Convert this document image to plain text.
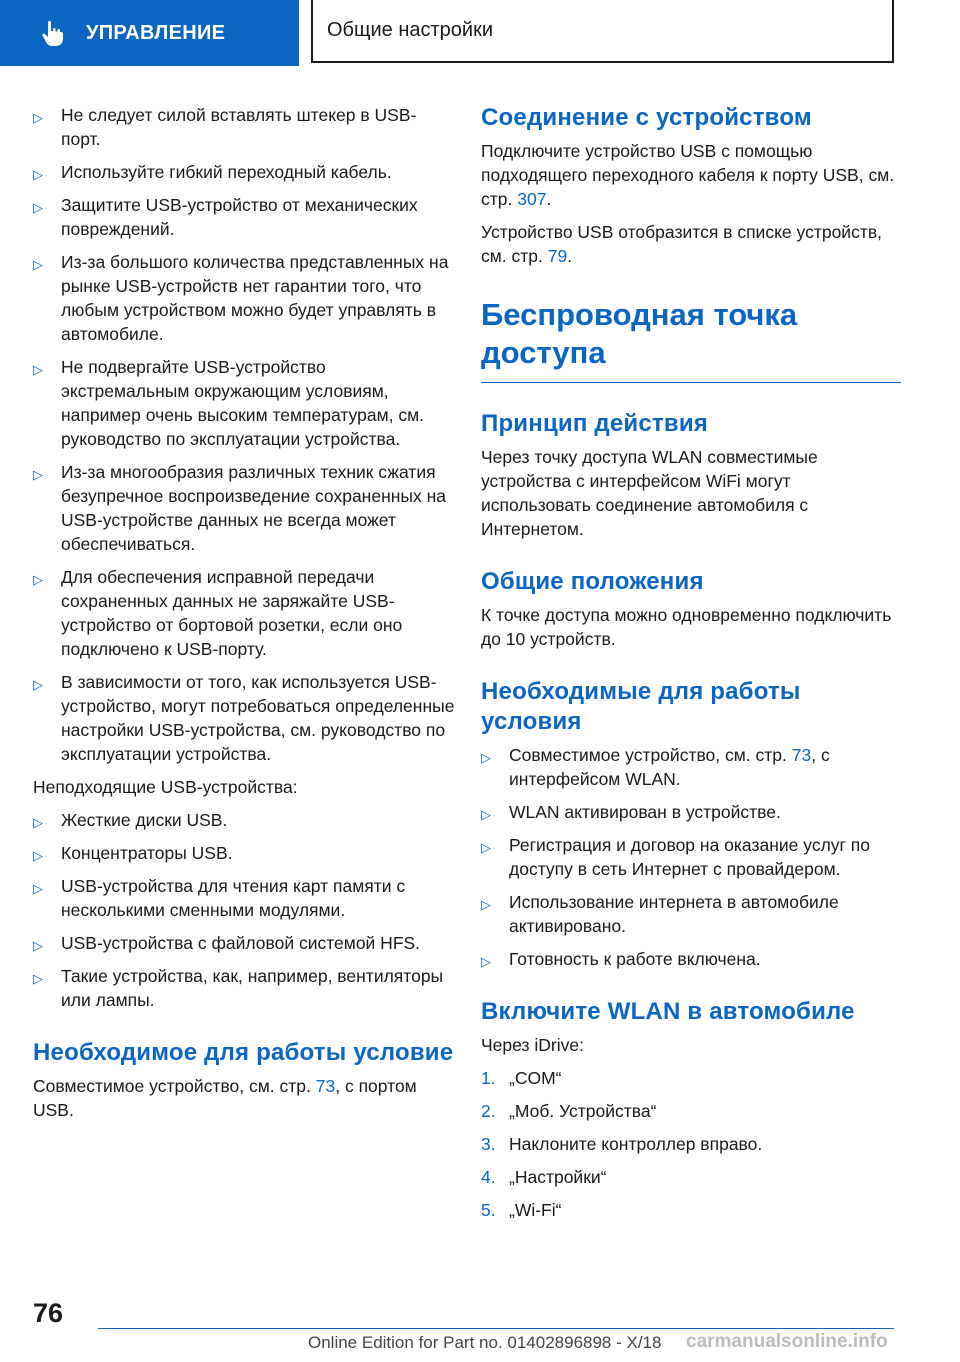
УПРАВЛЕНИЕ	Общие настройки
▷ Не следует силой вставлять штекер в USB-порт.
▷ Используйте гибкий переходный кабель.
▷ Защитите USB-устройство от механических повреждений.
▷ Из-за большого количества представленных на рынке USB-устройств нет гарантии того, что любым устройством можно будет управлять в автомобиле.
▷ Не подвергайте USB-устройство экстремальным окружающим условиям, например очень высоким температурам, см. руководство по эксплуатации устройства.
▷ Из-за многообразия различных техник сжатия безупречное воспроизведение сохраненных на USB-устройстве данных не всегда может обеспечиваться.
▷ Для обеспечения исправной передачи сохраненных данных не заряжайте USB-устройство от бортовой розетки, если оно подключено к USB-порту.
▷ В зависимости от того, как используется USB-устройство, могут потребоваться определенные настройки USB-устройства, см. руководство по эксплуатации устройства.

Неподходящие USB-устройства:

▷ Жесткие диски USB.
▷ Концентраторы USB.
▷ USB-устройства для чтения карт памяти с несколькими сменными модулями.
▷ USB-устройства с файловой системой HFS.
▷ Такие устройства, как, например, вентиляторы или лампы.
Необходимое для работы условие

Совместимое устройство, см. стр. 73, с портом USB.

Соединение с устройством

Подключите устройство USB с помощью подходящего переходного кабеля к порту USB, см. стр. 307.

Устройство USB отобразится в списке устройств, см. стр. 79.

Беспроводная точка доступа
Принцип действия

Через точку доступа WLAN совместимые устройства с интерфейсом WiFi могут использовать соединение автомобиля с Интернетом.

Общие положения

К точке доступа можно одновременно подключить до 10 устройств.

Необходимые для работы условия
▷ Совместимое устройство, см. стр. 73, с интерфейсом WLAN.
▷ WLAN активирован в устройстве.
▷ Регистрация и договор на оказание услуг по доступу в сеть Интернет с провайдером.
▷ Использование интернета в автомобиле активировано.
▷ Готовность к работе включена.
Включите WLAN в автомобиле

Через iDrive:

1. „COM“
2. „Моб. Устройства“
3. Наклоните контроллер вправо.
4. „Настройки“
5. „Wi-Fi“
76
Online Edition for Part no. 01402896898 - X/18 carmanualsonline.info
